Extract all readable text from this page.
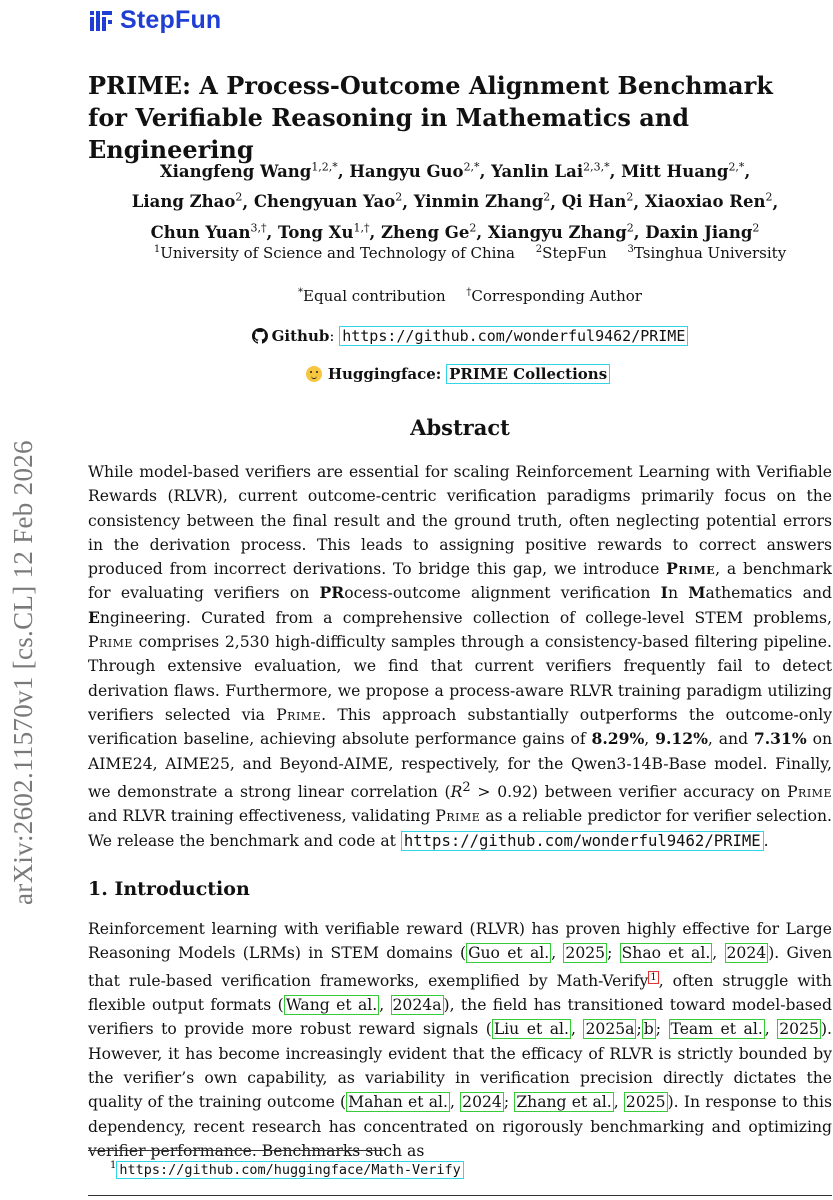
StepFun
arXiv:2602.11570v1 [cs.CL] 12 Feb 2026
PRIME: A Process-Outcome Alignment Benchmark for Verifiable Reasoning in Mathematics and Engineering
Xiangfeng Wang$^{1,2,*}$, Hangyu Guo$^{2,*}$, Yanlin Lai$^{2,3,*}$, Mitt Huang$^{2,*}$,
Liang Zhao$^2$, Chengyuan Yao$^2$, Yinmin Zhang$^2$, Qi Han$^2$, Xiaoxiao Ren$^2$,
Chun Yuan$^{3,\dagger}$, Tong $Xu^{1,\dagger}$, Zheng Ge$^2$, Xiangyu Zhang$^2$, Daxin Jiang$^2$
$^1$University of Science and Technology of China $^2$StepFun $^3$Tsinghua University
*Equal contribution †Corresponding Author
Github: https://github.com/wonderful9462/PRIME
Huggingface: PRIME Collections
Abstract

While model-based verifiers are essential for scaling Reinforcement Learning with Verifiable Rewards (RLVR), current outcome-centric verification paradigms primarily focus on the consistency between the final result and the ground truth, often neglecting potential errors in the derivation process. This leads to assigning positive rewards to correct answers produced from incorrect derivations. To bridge this gap, we introduce Prime, a benchmark for evaluating verifiers on PRocess-outcome alignment verification In Mathematics and Engineering. Curated from a comprehensive collection of college-level STEM problems, Prime comprises 2,530 high-difficulty samples through a consistency-based filtering pipeline. Through extensive evaluation, we find that current verifiers frequently fail to detect derivation flaws. Furthermore, we propose a process-aware RLVR training paradigm utilizing verifiers selected via Prime. This approach substantially outperforms the outcome-only verification baseline, achieving absolute performance gains of 8.29%, 9.12%, and 7.31% on AIME24, AIME25, and Beyond-AIME, respectively, for the Qwen3-14B-Base model. Finally, we demonstrate a strong linear correlation $(R^2 > 0.92)$ between verifier accuracy on Prime and RLVR training effectiveness, validating Prime as a reliable predictor for verifier selection. We release the benchmark and code at https://github.com/wonderful9462/PRIME .

1. Introduction

Reinforcement learning with verifiable reward (RLVR) has proven highly effective for Large Reasoning Models (LRMs) in STEM domains ( Guo et al. , 2025 ; Shao et al. , 2024 ). Given that rule-based verification frameworks, exemplified by Math-Verify $^1$ , often struggle with flexible output formats ( Wang et al. , 2024a ), the field has transitioned toward model-based verifiers to provide more robust reward signals ( Liu et al. , 2025a ; b ; Team et al. , 2025 ). However, it has become increasingly evident that the efficacy of RLVR is strictly bounded by the verifier’s own capability, as variability in verification precision directly dictates the quality of the training outcome ( Mahan et al. , 2024 ; Zhang et al. , 2025 ). In response to this dependency, recent research has concentrated on rigorously benchmarking and optimizing verifier performance. Benchmarks such as

$^1$ https://github.com/huggingface/Math-Verify
